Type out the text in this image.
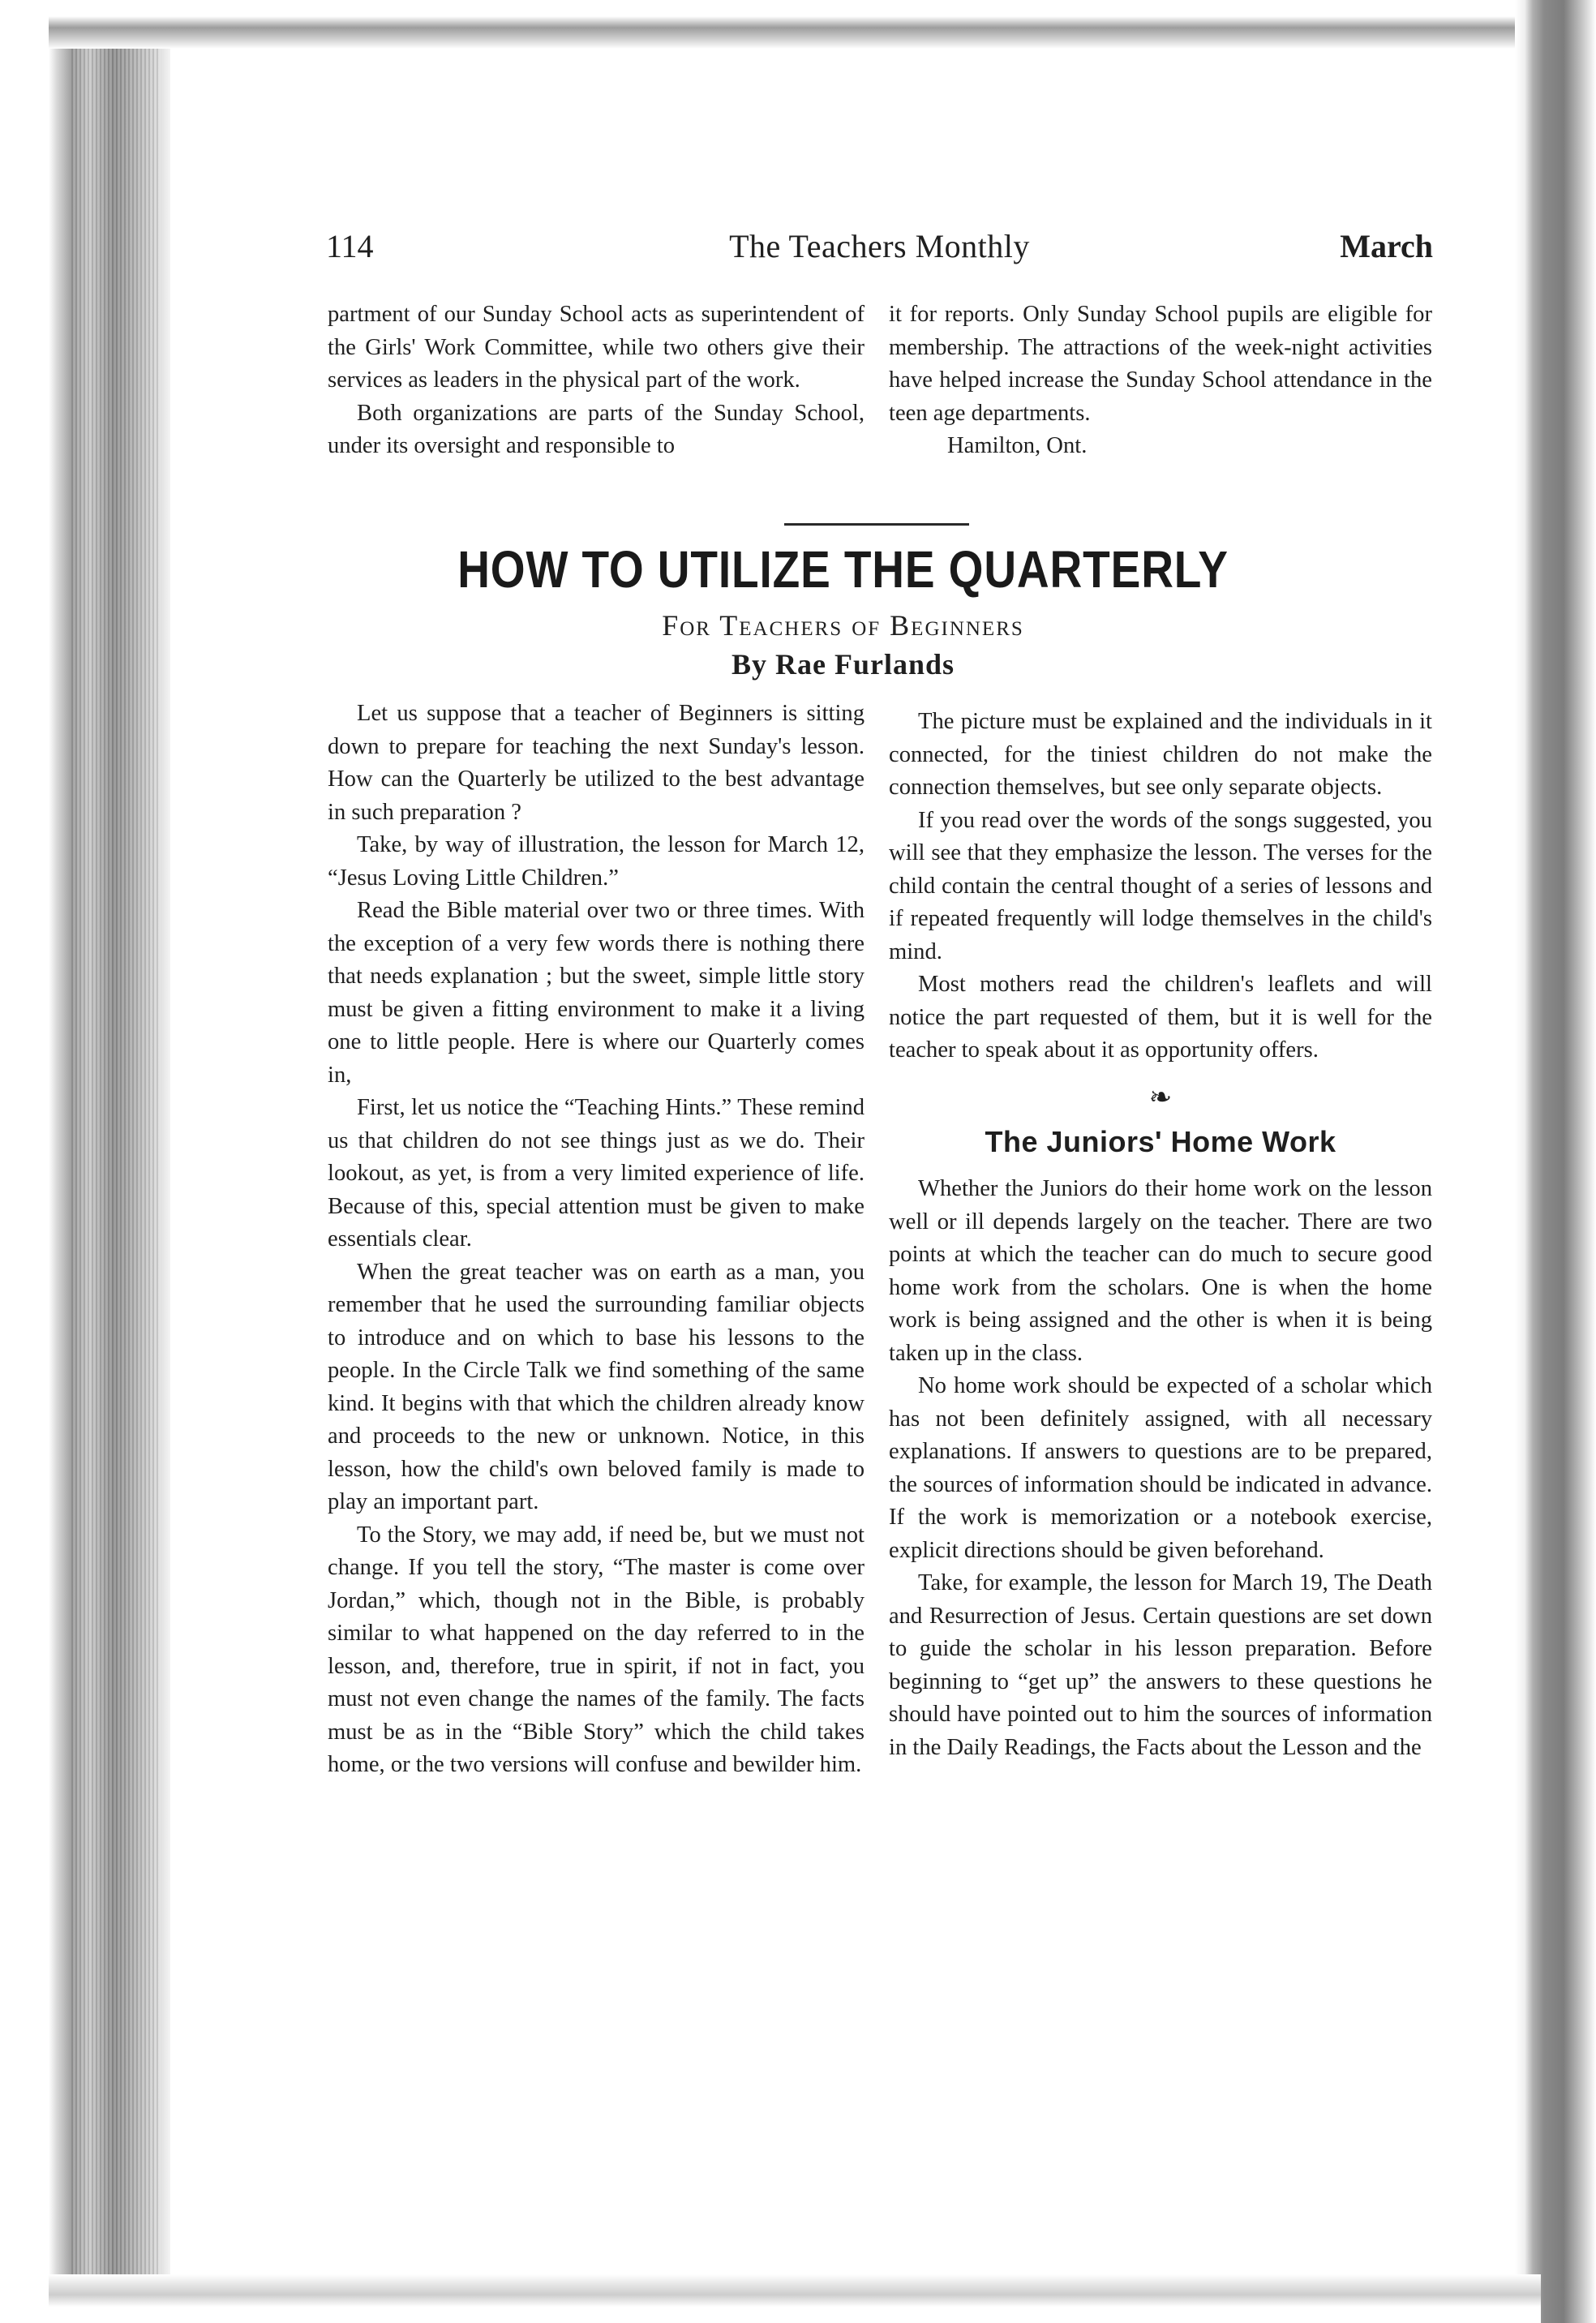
114	The Teachers Monthly	March

partment of our Sunday School acts as superintendent of the Girls' Work Committee, while two others give their services as leaders in the physical part of the work.

Both organizations are parts of the Sunday School, under its oversight and responsible to

it for reports. Only Sunday School pupils are eligible for membership. The attractions of the week-night activities have helped increase the Sunday School attendance in the teen age departments.

Hamilton, Ont.

HOW TO UTILIZE THE QUARTERLY
For Teachers of Beginners
By Rae Furlands

Let us suppose that a teacher of Beginners is sitting down to prepare for teaching the next Sunday's lesson. How can the Quarterly be utilized to the best advantage in such preparation ?

Take, by way of illustration, the lesson for March 12, “Jesus Loving Little Children.”

Read the Bible material over two or three times. With the exception of a very few words there is nothing there that needs explanation ; but the sweet, simple little story must be given a fitting environment to make it a living one to little people. Here is where our Quarterly comes in,

First, let us notice the “Teaching Hints.” These remind us that children do not see things just as we do. Their lookout, as yet, is from a very limited experience of life. Because of this, special attention must be given to make essentials clear.

When the great teacher was on earth as a man, you remember that he used the surrounding familiar objects to introduce and on which to base his lessons to the people. In the Circle Talk we find something of the same kind. It begins with that which the children already know and proceeds to the new or unknown. Notice, in this lesson, how the child's own beloved family is made to play an important part.

To the Story, we may add, if need be, but we must not change. If you tell the story, “The master is come over Jordan,” which, though not in the Bible, is probably similar to what happened on the day referred to in the lesson, and, therefore, true in spirit, if not in fact, you must not even change the names of the family. The facts must be as in the “Bible Story” which the child takes home, or the two versions will confuse and bewilder him.

The picture must be explained and the individuals in it connected, for the tiniest children do not make the connection themselves, but see only separate objects.

If you read over the words of the songs suggested, you will see that they emphasize the lesson. The verses for the child contain the central thought of a series of lessons and if repeated frequently will lodge themselves in the child's mind.

Most mothers read the children's leaflets and will notice the part requested of them, but it is well for the teacher to speak about it as opportunity offers.

❧
The Juniors' Home Work

Whether the Juniors do their home work on the lesson well or ill depends largely on the teacher. There are two points at which the teacher can do much to secure good home work from the scholars. One is when the home work is being assigned and the other is when it is being taken up in the class.

No home work should be expected of a scholar which has not been definitely assigned, with all necessary explanations. If answers to questions are to be prepared, the sources of information should be indicated in advance. If the work is memorization or a notebook exercise, explicit directions should be given beforehand.

Take, for example, the lesson for March 19, The Death and Resurrection of Jesus. Certain questions are set down to guide the scholar in his lesson preparation. Before beginning to “get up” the answers to these questions he should have pointed out to him the sources of information in the Daily Readings, the Facts about the Lesson and the
